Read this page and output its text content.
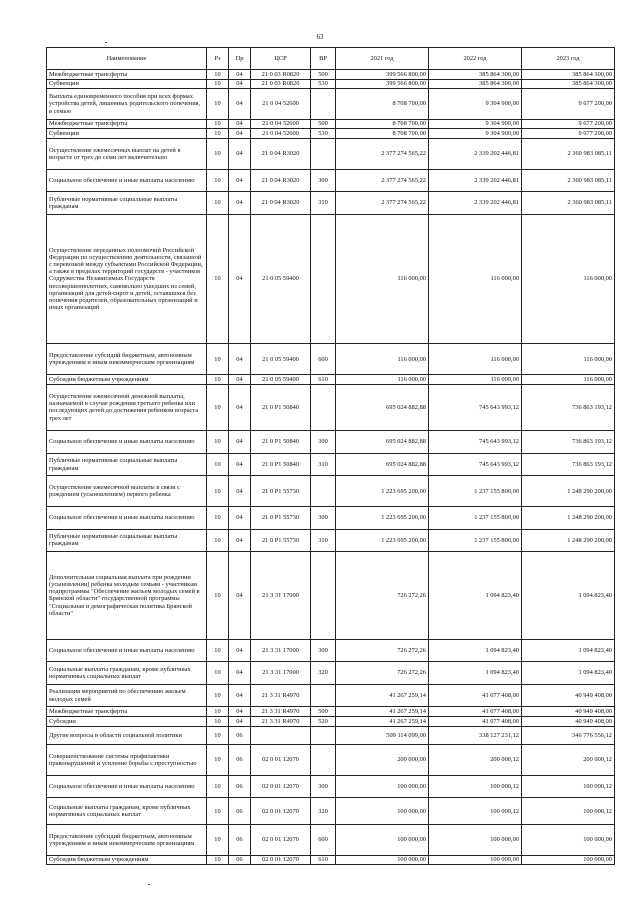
63
Наименование	Рз	Пр	ЦСР	ВР	2021 год	2022 год	2023 год
Межбюджетные трансферты	10	04	21 0 03 R0820	500	399 566 800,00	385 864 300,00	385 864 300,00
Субвенции	10	04	21 0 03 R0820	530	399 566 800,00	385 864 300,00	385 864 300,00
Выплата единовременного пособия при всех формах устройства детей, лишенных родительского попечения, в семью	10	04	21 0 04 52600		8 708 700,00	9 304 900,00	9 677 200,00
Межбюджетные трансферты	10	04	21 0 04 52600	500	8 708 700,00	9 304 900,00	9 677 200,00
Субвенции	10	04	21 0 04 52600	530	8 708 700,00	9 304 900,00	9 677 200,00
Осуществление ежемесячных выплат на детей в возрасте от трех до семи лет включительно	10	04	21 0 04 R3020		2 377 274 565,22	2 339 202 446,81	2 360 983 085,11
Социальное обеспечение и иные выплаты населению	10	04	21 0 04 R3020	300	2 377 274 565,22	2 339 202 446,81	2 360 983 085,11
Публичные нормативные социальные выплаты гражданам	10	04	21 0 04 R3020	310	2 377 274 565,22	2 339 202 446,81	2 360 983 085,11
Осуществление переданных полномочий Российской Федерации по осуществлению деятельности, связанной с перевозкой между субъектами Российской Федерации, а также в пределах территорий государств - участников Содружества Независимых Государств несовершеннолетних, самовольно ушедших из семей, организаций для детей-сирот и детей, оставшихся без попечения родителей, образовательных организаций и иных организаций	10	04	21 0 05 59400		116 000,00	116 000,00	116 000,00
Предоставление субсидий бюджетным, автономным учреждениям и иным некоммерческим организациям	10	04	21 0 05 59400	600	116 000,00	116 000,00	116 000,00
Субсидии бюджетным учреждениям	10	04	21 0 05 59400	610	116 000,00	116 000,00	116 000,00
Осуществление ежемесячной денежной выплаты, назначаемой в случае рождения третьего ребенка или последующих детей до достижения ребенком возраста трех лет	10	04	21 0 P1 50840		695 024 882,88	745 643 993,12	736 863 193,12
Социальное обеспечение и иные выплаты населению	10	04	21 0 P1 50840	300	695 024 882,88	745 643 993,12	736 863 193,12
Публичные нормативные социальные выплаты гражданам	10	04	21 0 P1 50840	310	695 024 882,88	745 643 993,12	736 863 193,12
Осуществление ежемесячной выплаты в связи с рождением (усыновлением) первого ребенка	10	04	21 0 P1 55730		1 223 695 200,00	1 237 155 800,00	1 248 290 200,00
Социальное обеспечение и иные выплаты населению	10	04	21 0 P1 55730	300	1 223 695 200,00	1 237 155 800,00	1 248 290 200,00
Публичные нормативные социальные выплаты гражданам	10	04	21 0 P1 55730	310	1 223 695 200,00	1 237 155 800,00	1 248 290 200,00
Дополнительная социальная выплата при рождении (усыновлении) ребенка молодым семьям - участникам подпрограммы "Обеспечение жильем молодых семей в Брянской области" государственной программы "Социальная и демографическая политика Брянской области"	10	04	21 3 31 17000		726 272,26	1 094 823,40	1 094 823,40
Социальное обеспечение и иные выплаты населению	10	04	21 3 31 17000	300	726 272,26	1 094 823,40	1 094 823,40
Социальные выплаты гражданам, кроме публичных нормативных социальных выплат	10	04	21 3 31 17000	320	726 272,26	1 094 823,40	1 094 823,40
Реализация мероприятий по обеспечению жильем молодых семей	10	04	21 3 31 R4970		41 267 259,14	41 077 408,00	40 949 408,00
Межбюджетные трансферты	10	04	21 3 31 R4970	500	41 267 259,14	41 077 408,00	40 949 408,00
Субсидии	10	04	21 3 31 R4970	520	41 267 259,14	41 077 408,00	40 949 408,00
Другие вопросы в области социальной политики	10	06			509 114 099,00	338 127 231,12	346 776 556,12
Совершенствование системы профилактики правонарушений и усиление борьбы с преступностью	10	06	02 0 01 12070		200 000,00	200 000,12	200 000,12
Социальное обеспечение и иные выплаты населению	10	06	02 0 01 12070	300	100 000,00	100 000,12	100 000,12
Социальные выплаты гражданам, кроме публичных нормативных социальных выплат	10	06	02 0 01 12070	320	100 000,00	100 000,12	100 000,12
Предоставление субсидий бюджетным, автономным учреждениям и иным некоммерческим организациям	10	06	02 0 01 12070	600	100 000,00	100 000,00	100 000,00
Субсидии бюджетным учреждениям	10	06	02 0 01 12070	610	100 000,00	100 000,00	100 000,00
